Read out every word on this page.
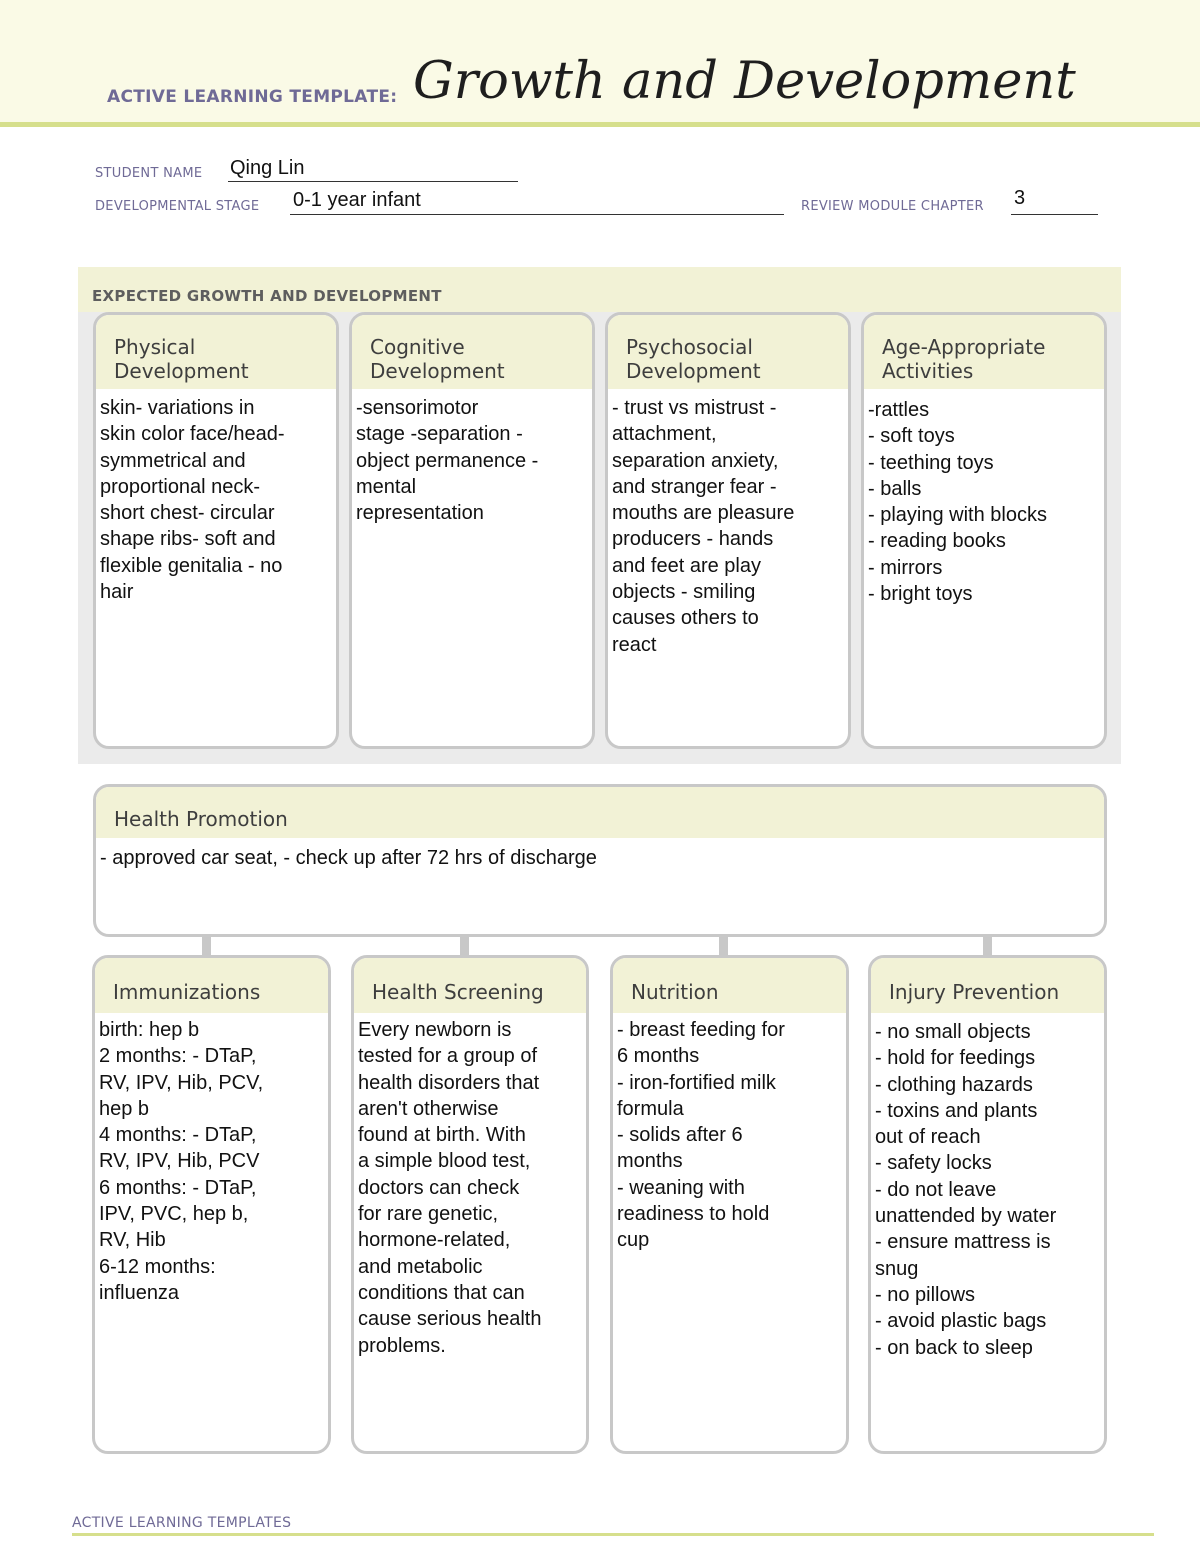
ACTIVE LEARNING TEMPLATE: Growth and Development
STUDENT NAME Qing Lin
DEVELOPMENTAL STAGE 0-1 year infant	REVIEW MODULE CHAPTER 3
EXPECTED GROWTH AND DEVELOPMENT
Physical
Development
skin- variations in
skin color face/head-
symmetrical and
proportional neck-
short chest- circular
shape ribs- soft and
flexible genitalia - no
hair
Cognitive
Development
-sensorimotor
stage -separation -
object permanence -
mental
representation
Psychosocial
Development
- trust vs mistrust -
attachment,
separation anxiety,
and stranger fear -
mouths are pleasure
producers - hands
and feet are play
objects - smiling
causes others to
react
Age-Appropriate
Activities
-rattles
- soft toys
- teething toys
- balls
- playing with blocks
- reading books
- mirrors
- bright toys
Health Promotion
- approved car seat, - check up after 72 hrs of discharge
Immunizations
birth: hep b
2 months: - DTaP,
RV, IPV, Hib, PCV,
hep b
4 months: - DTaP,
RV, IPV, Hib, PCV
6 months: - DTaP,
IPV, PVC, hep b,
RV, Hib
6-12 months:
influenza
Health Screening
Every newborn is
tested for a group of
health disorders that
aren't otherwise
found at birth. With
a simple blood test,
doctors can check
for rare genetic,
hormone-related,
and metabolic
conditions that can
cause serious health
problems.
Nutrition
- breast feeding for
6 months
- iron-fortified milk
formula
- solids after 6
months
- weaning with
readiness to hold
cup
Injury Prevention
- no small objects
- hold for feedings
- clothing hazards
- toxins and plants
out of reach
- safety locks
- do not leave
unattended by water
- ensure mattress is
snug
- no pillows
- avoid plastic bags
- on back to sleep
ACTIVE LEARNING TEMPLATES
